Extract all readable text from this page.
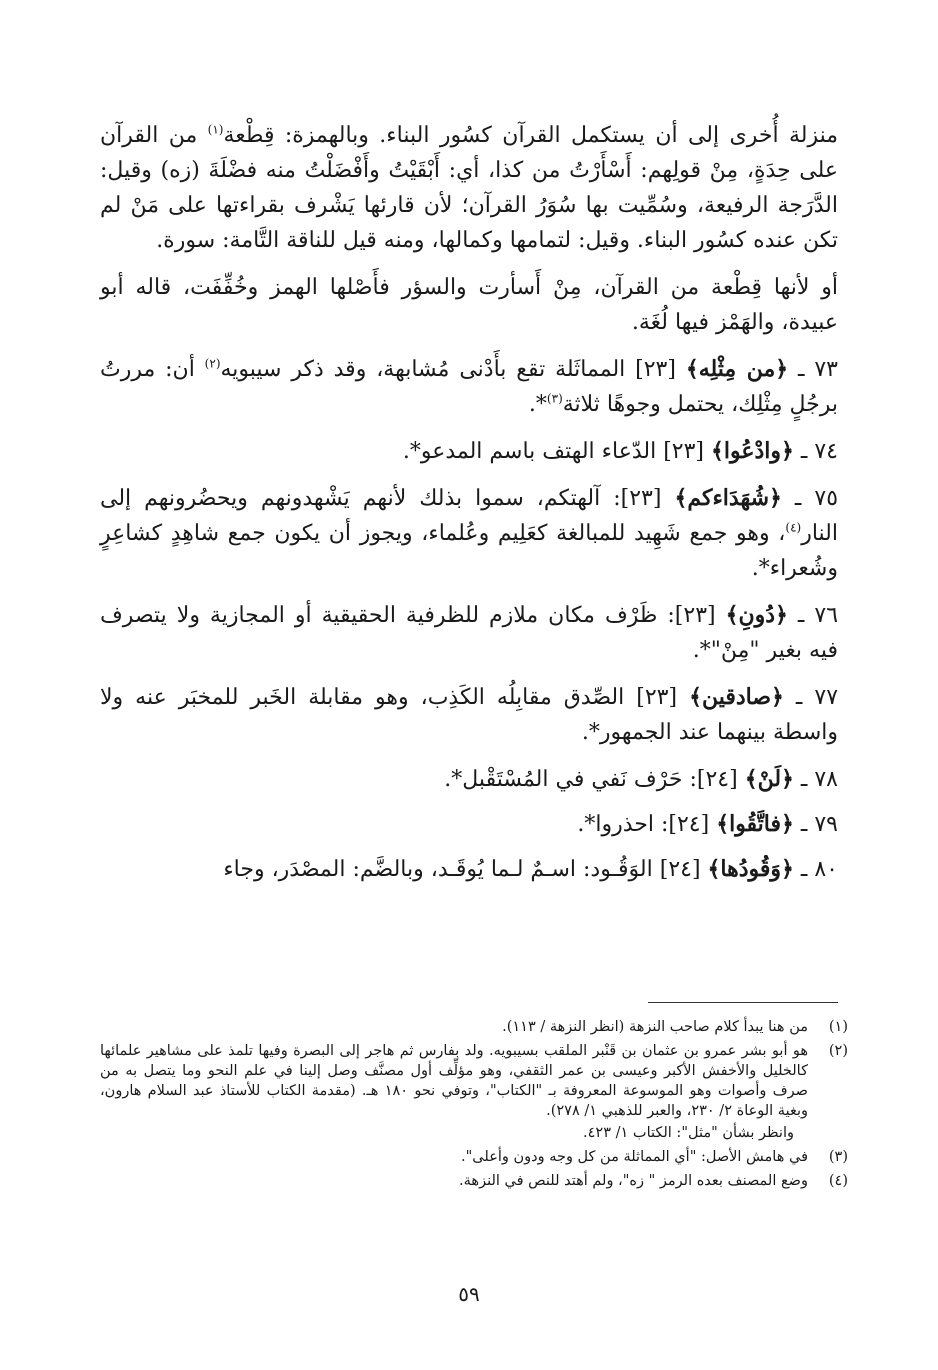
منزلة أُخرى إلى أن يستكمل القرآن كسُور البناء. وبالهمزة: قِطْعة$^{(١)}$ من القرآن على حِدَةٍ، مِنْ قولِهم: أَسْأَرْتُ من كذا، أي: أَبْقَيْتُ وأَفْضَلْتُ منه فضْلَةَ (زه) وقيل: الدَّرَجة الرفيعة، وسُمِّيت بها سُوَرُ القرآن؛ لأن قارئها يَشْرف بقراءتها على مَنْ لم تكن عنده كسُور البناء. وقيل: لتمامها وكمالها، ومنه قيل للناقة التَّامة: سورة.

أو لأنها قِطْعة من القرآن، مِنْ أَسأرت والسؤر فأَصْلها الهمز وخُفِّفَت، قاله أبو عبيدة، والهَمْز فيها لُغَة.

٧٣ ـ ﴿من مِثْلِه﴾ [٢٣] المماثَلة تقع بأَدْنى مُشابهة، وقد ذكر سيبويه$^{(٢)}$ أن: مررتُ برجُلٍ مِثْلِك، يحتمل وجوهًا ثلاثة$^{(٣)}$*.

٧٤ ـ ﴿وادْعُوا﴾ [٢٣] الدّعاء الهتف باسم المدعو*.

٧٥ ـ ﴿شُهَدَاءكم﴾ [٢٣]: آلهتكم، سموا بذلك لأنهم يَشْهدونهم ويحضُرونهم إلى النار$^{(٤)}$، وهو جمع شَهِيد للمبالغة كعَلِيم وعُلماء، ويجوز أن يكون جمع شاهِدٍ كشاعِرٍ وشُعراء*.

٧٦ ـ ﴿دُونِ﴾ [٢٣]: ظَرْف مكان ملازم للظرفية الحقيقية أو المجازية ولا يتصرف فيه بغير "مِنْ"*.

٧٧ ـ ﴿صادقين﴾ [٢٣] الصِّدق مقابِلُه الكَذِب، وهو مقابلة الخَبر للمخبَر عنه ولا واسطة بينهما عند الجمهور*.

٧٨ ـ ﴿لَنْ﴾ [٢٤]: حَرْف نَفي في المُسْتَقْبل*.

٧٩ ـ ﴿فاتَّقُوا﴾ [٢٤]: احذروا*.

٨٠ ـ ﴿وَقُودُها﴾ [٢٤] الوَقُـود: اسـمٌ لـما يُوقَـد، وبالضَّم: المصْدَر، وجاء

(١)
من هنا يبدأ كلام صاحب النزهة (انظر النزهة / ١١٣).
(٢)
هو أبو بشر عمرو بن عثمان بن قَنْبر الملقب بسيبويه. ولد بفارس ثم هاجر إلى البصرة وفيها تلمذ على مشاهير علمائها كالخليل والأخفش الأكبر وعيسى بن عمر الثقفي، وهو مؤلِّف أول مصنَّف وصل إلينا في علم النحو وما يتصل به من صرف وأصوات وهو الموسوعة المعروفة بـ "الكتاب"، وتوفي نحو ١٨٠ هـ. (مقدمة الكتاب للأستاذ عبد السلام هارون، وبغية الوعاة ٢/ ٢٣٠، والعبر للذهبي ١/ ٢٧٨).
وانظر بشأن "مثل": الكتاب ١/ ٤٢٣.
(٣)
في هامش الأصل: "أي المماثلة من كل وجه ودون وأعلى".
(٤)
وضع المصنف بعده الرمز " زه"، ولم أهتد للنص في النزهة.
٥٩
